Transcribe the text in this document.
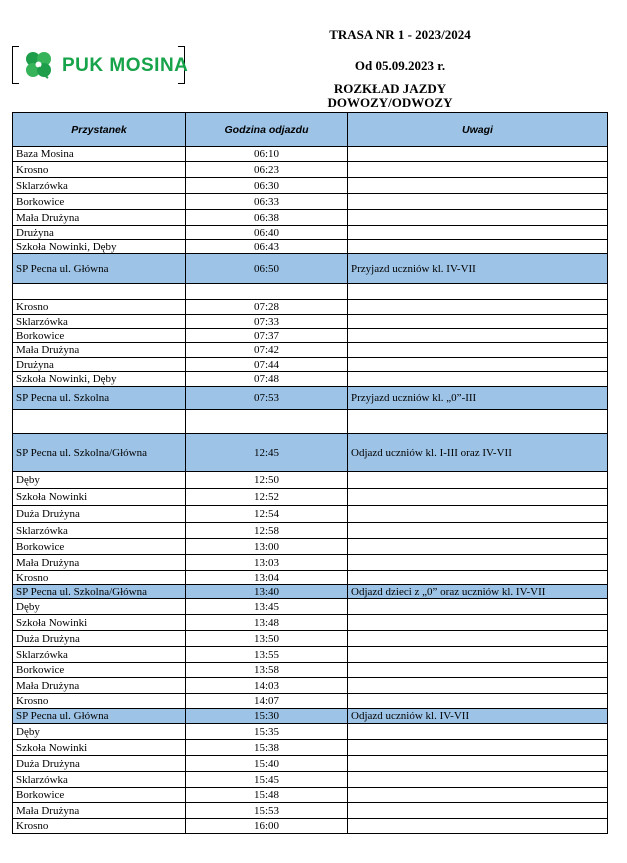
PUK MOSINA
TRASA NR 1 - 2023/2024
Od 05.09.2023 r.
ROZKŁAD JAZDY
DOWOZY/ODWOZY
Przystanek	Godzina odjazdu	Uwagi
Baza Mosina	06:10	
Krosno	06:23	
Sklarzówka	06:30	
Borkowice	06:33	
Mała Drużyna	06:38	
Drużyna	06:40	
Szkoła Nowinki, Dęby	06:43	
SP Pecna ul. Główna	06:50	Przyjazd uczniów kl. IV-VII

Krosno	07:28	
Sklarzówka	07:33	
Borkowice	07:37	
Mała Drużyna	07:42	
Drużyna	07:44	
Szkoła Nowinki, Dęby	07:48	
SP Pecna ul. Szkolna	07:53	Przyjazd uczniów kl. „0”-III

SP Pecna ul. Szkolna/Główna	12:45	Odjazd uczniów kl. I-III oraz IV-VII
Dęby	12:50	
Szkoła Nowinki	12:52	
Duża Drużyna	12:54	
Sklarzówka	12:58	
Borkowice	13:00	
Mała Drużyna	13:03	
Krosno	13:04	
SP Pecna ul. Szkolna/Główna	13:40	Odjazd dzieci z „0” oraz uczniów kl. IV-VII
Dęby	13:45	
Szkoła Nowinki	13:48	
Duża Drużyna	13:50	
Sklarzówka	13:55	
Borkowice	13:58	
Mała Drużyna	14:03	
Krosno	14:07	
SP Pecna ul. Główna	15:30	Odjazd uczniów kl. IV-VII
Dęby	15:35	
Szkoła Nowinki	15:38	
Duża Drużyna	15:40	
Sklarzówka	15:45	
Borkowice	15:48	
Mała Drużyna	15:53	
Krosno	16:00	
